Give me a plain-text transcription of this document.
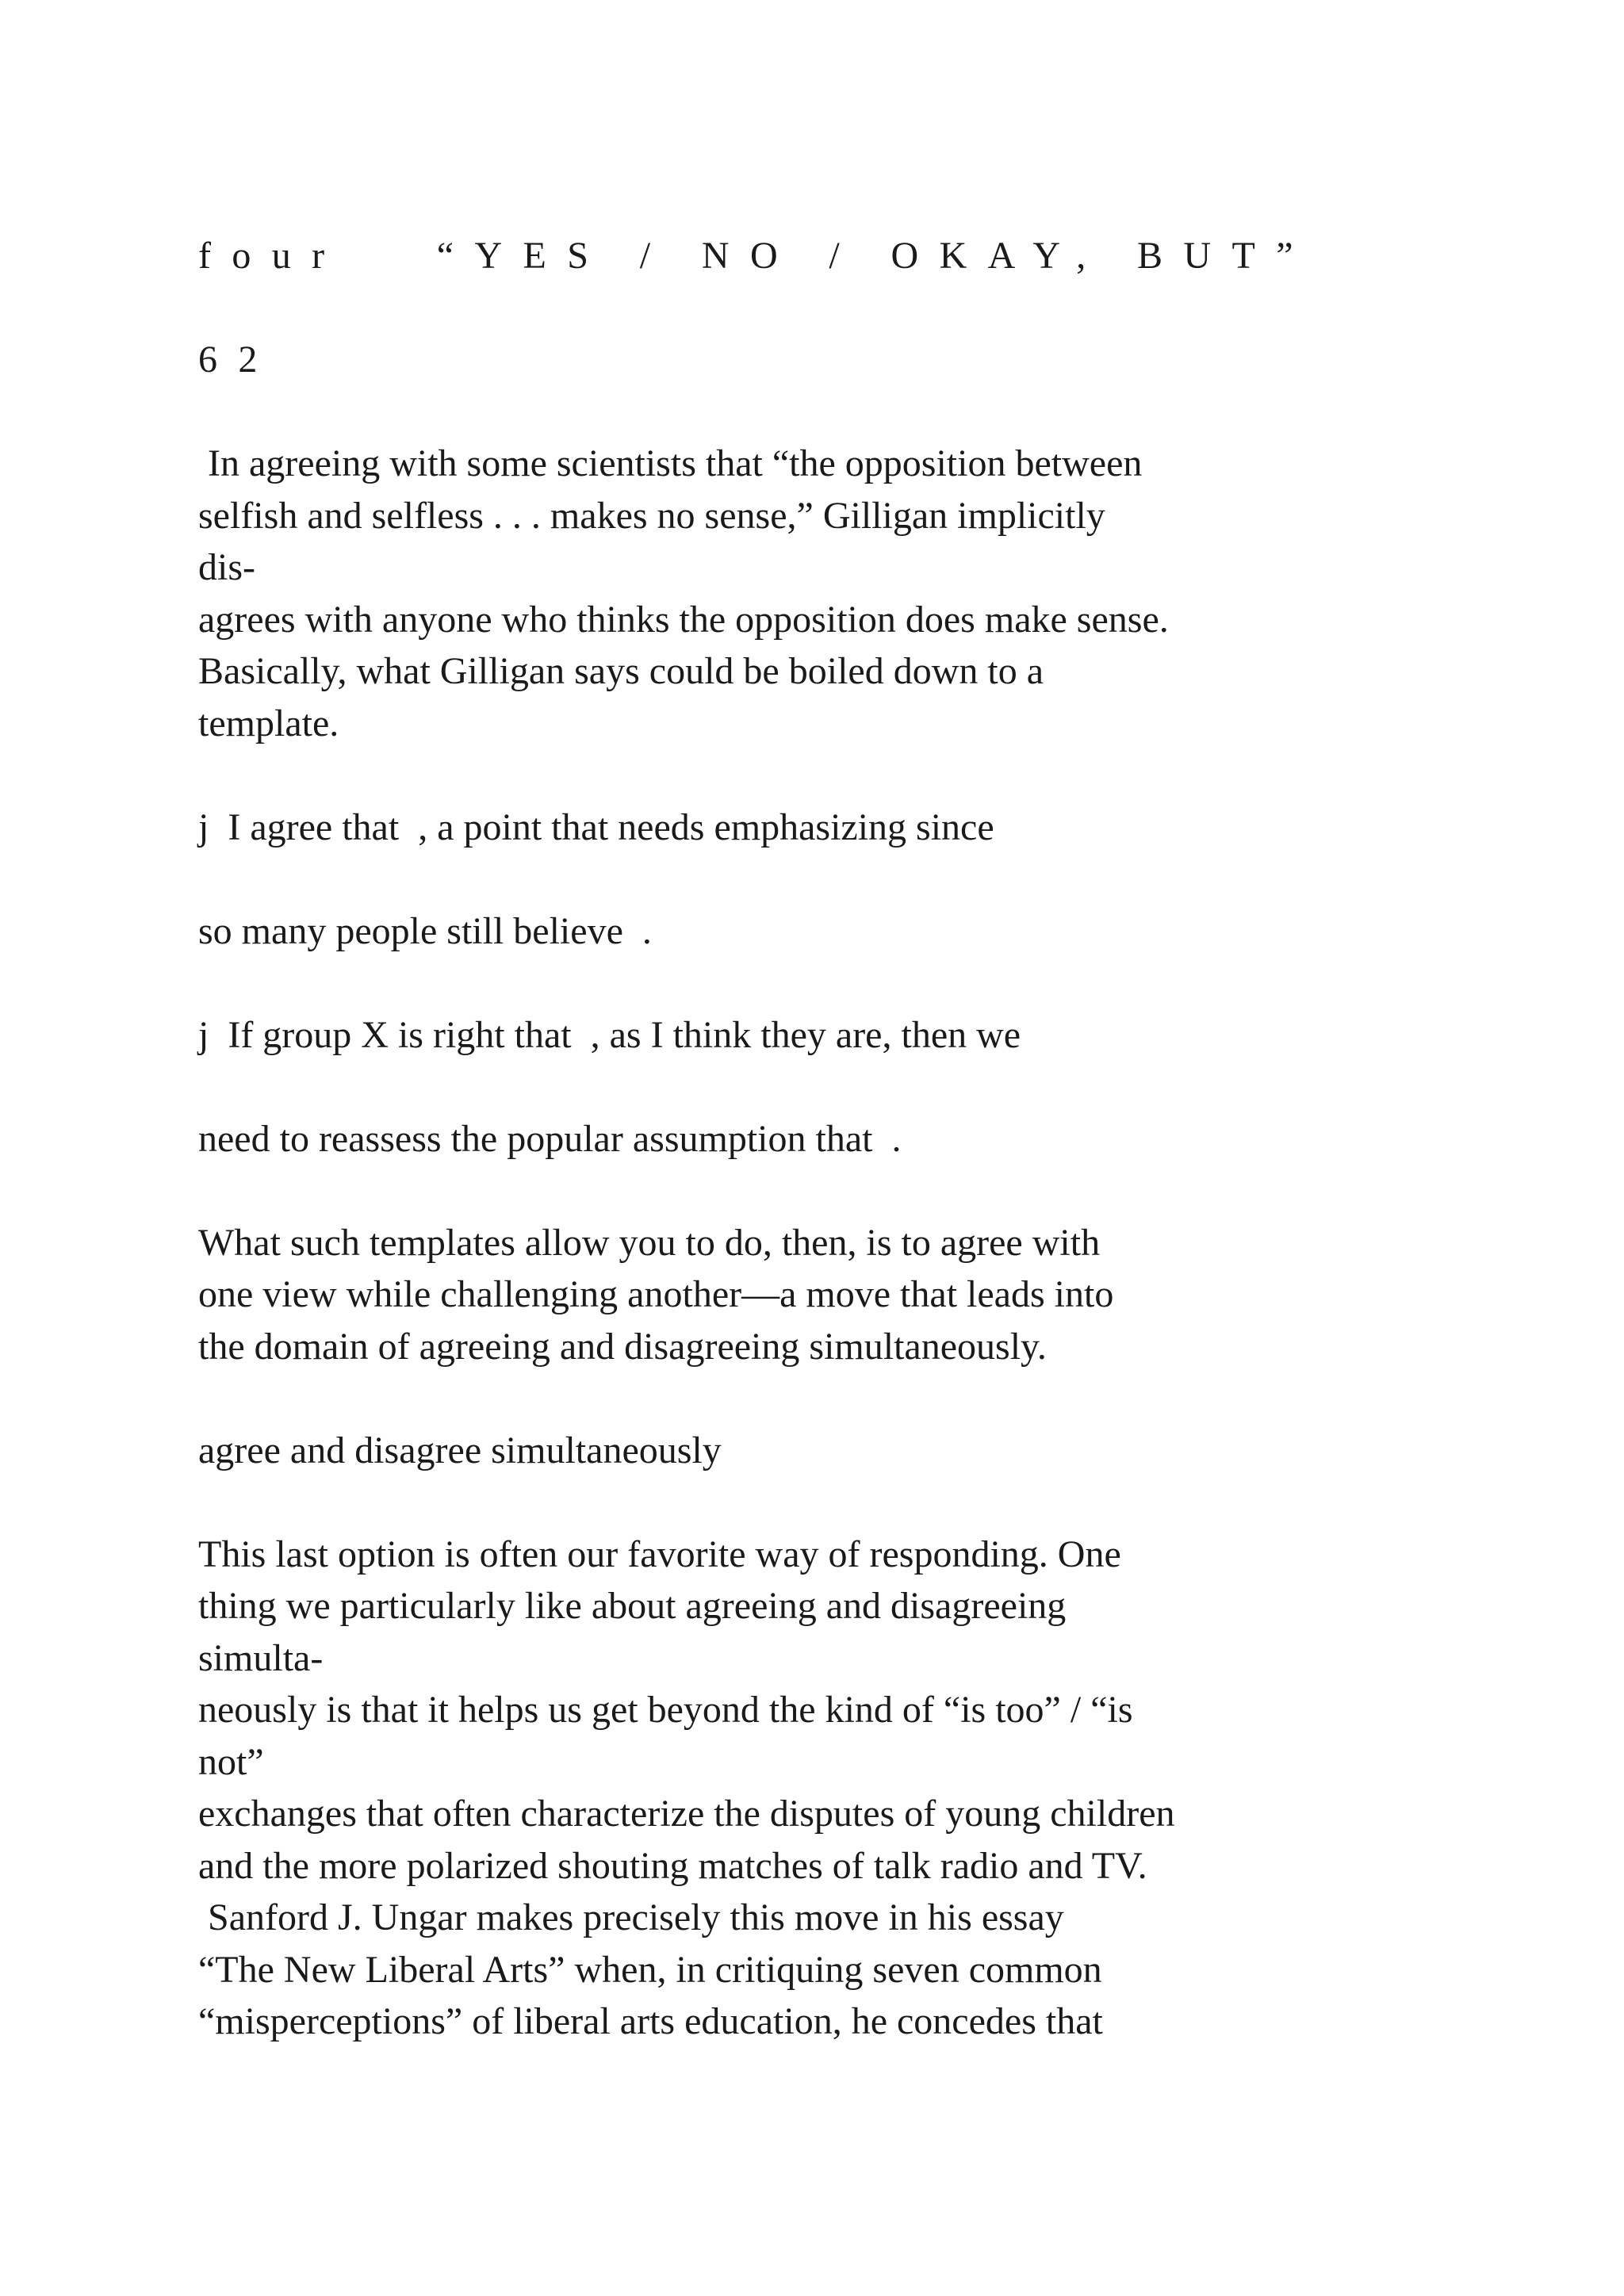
four   “YES / NO / OKAY, BUT”
62
In agreeing with some scientists that “the opposition between
selfish and selfless . . . makes no sense,” Gilligan implicitly
dis-
agrees with anyone who thinks the opposition does make sense.
Basically, what Gilligan says could be boiled down to a
template.
j  I agree that  , a point that needs emphasizing since
so many people still believe  .
j  If group X is right that  , as I think they are, then we
need to reassess the popular assumption that  .
What such templates allow you to do, then, is to agree with
one view while challenging another—a move that leads into
the domain of agreeing and disagreeing simultaneously.
agree and disagree simultaneously
This last option is often our favorite way of responding. One
thing we particularly like about agreeing and disagreeing
simulta-
neously is that it helps us get beyond the kind of “is too” / “is
not”
exchanges that often characterize the disputes of young children
and the more polarized shouting matches of talk radio and TV.
Sanford J. Ungar makes precisely this move in his essay
“The New Liberal Arts” when, in critiquing seven common
“misperceptions” of liberal arts education, he concedes that
